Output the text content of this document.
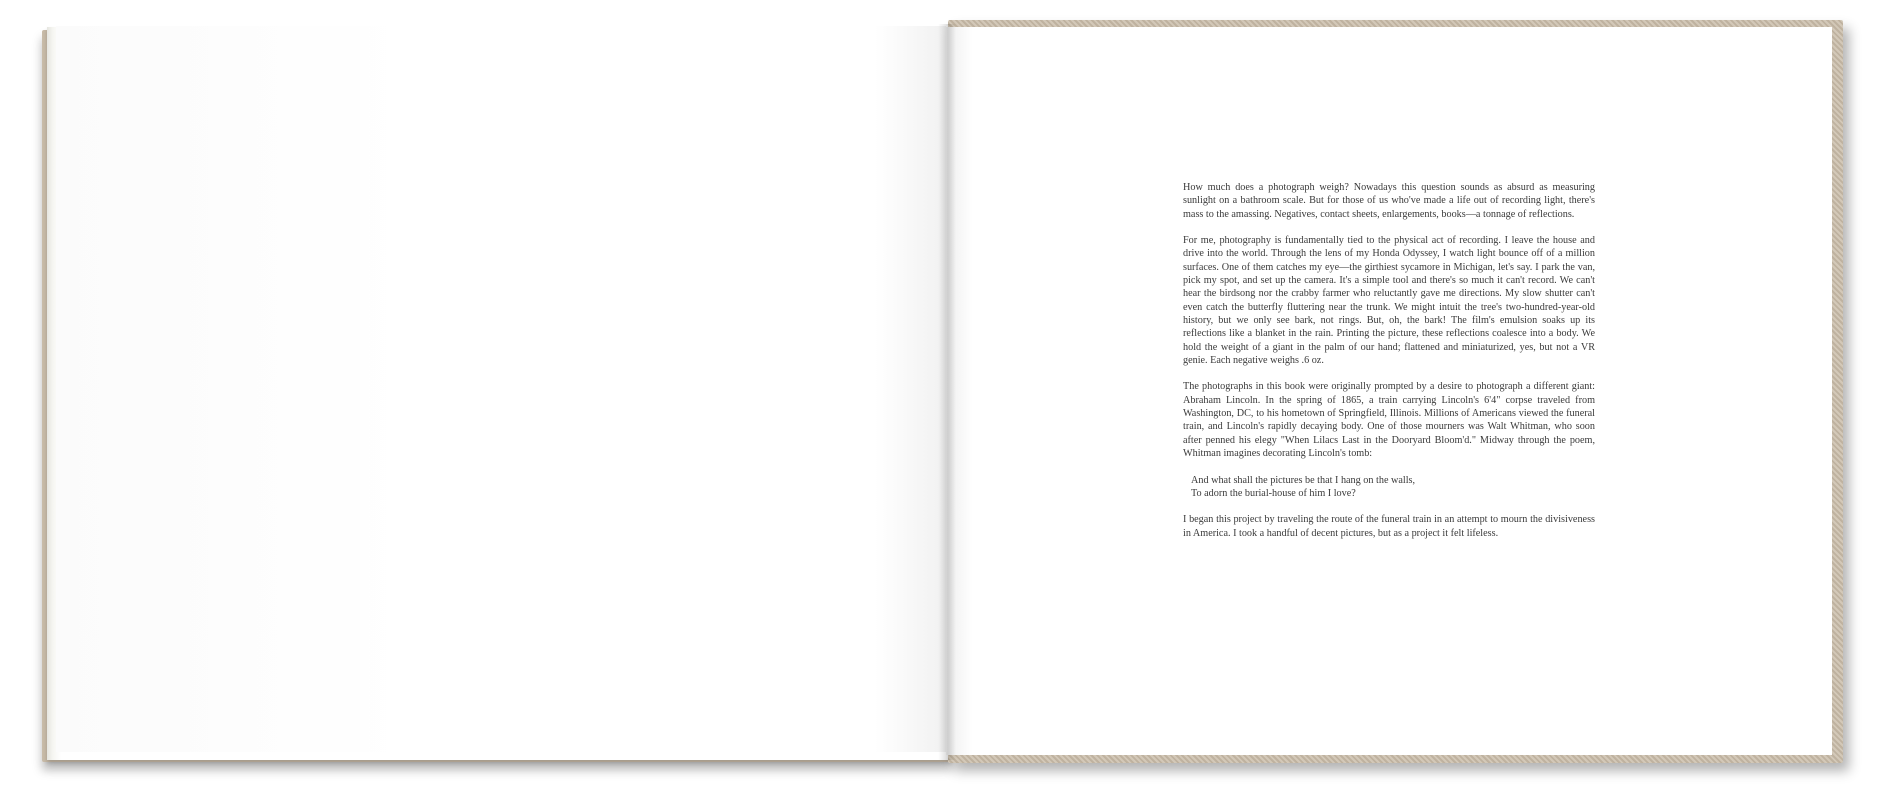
How much does a photograph weigh? Nowadays this question sounds as absurd as measuring sunlight on a bathroom scale. But for those of us who've made a life out of recording light, there's mass to the amassing. Negatives, contact sheets, enlargements, books—a tonnage of reflections.

For me, photography is fundamentally tied to the physical act of recording. I leave the house and drive into the world. Through the lens of my Honda Odyssey, I watch light bounce off of a million surfaces. One of them catches my eye—the girthiest sycamore in Michigan, let's say. I park the van, pick my spot, and set up the camera. It's a simple tool and there's so much it can't record. We can't hear the birdsong nor the crabby farmer who reluctantly gave me directions. My slow shutter can't even catch the butterfly fluttering near the trunk. We might intuit the tree's two-hundred-year-old history, but we only see bark, not rings. But, oh, the bark! The film's emulsion soaks up its reflections like a blanket in the rain. Printing the picture, these reflections coalesce into a body. We hold the weight of a giant in the palm of our hand; flattened and miniaturized, yes, but not a VR genie. Each negative weighs .6 oz.

The photographs in this book were originally prompted by a desire to photograph a different giant: Abraham Lincoln. In the spring of 1865, a train carrying Lincoln's 6'4" corpse traveled from Washington, DC, to his hometown of Springfield, Illinois. Millions of Americans viewed the funeral train, and Lincoln's rapidly decaying body. One of those mourners was Walt Whitman, who soon after penned his elegy "When Lilacs Last in the Dooryard Bloom'd." Midway through the poem, Whitman imagines decorating Lincoln's tomb:

And what shall the pictures be that I hang on the walls,
To adorn the burial-house of him I love?

I began this project by traveling the route of the funeral train in an attempt to mourn the divisiveness in America. I took a handful of decent pictures, but as a project it felt lifeless.
